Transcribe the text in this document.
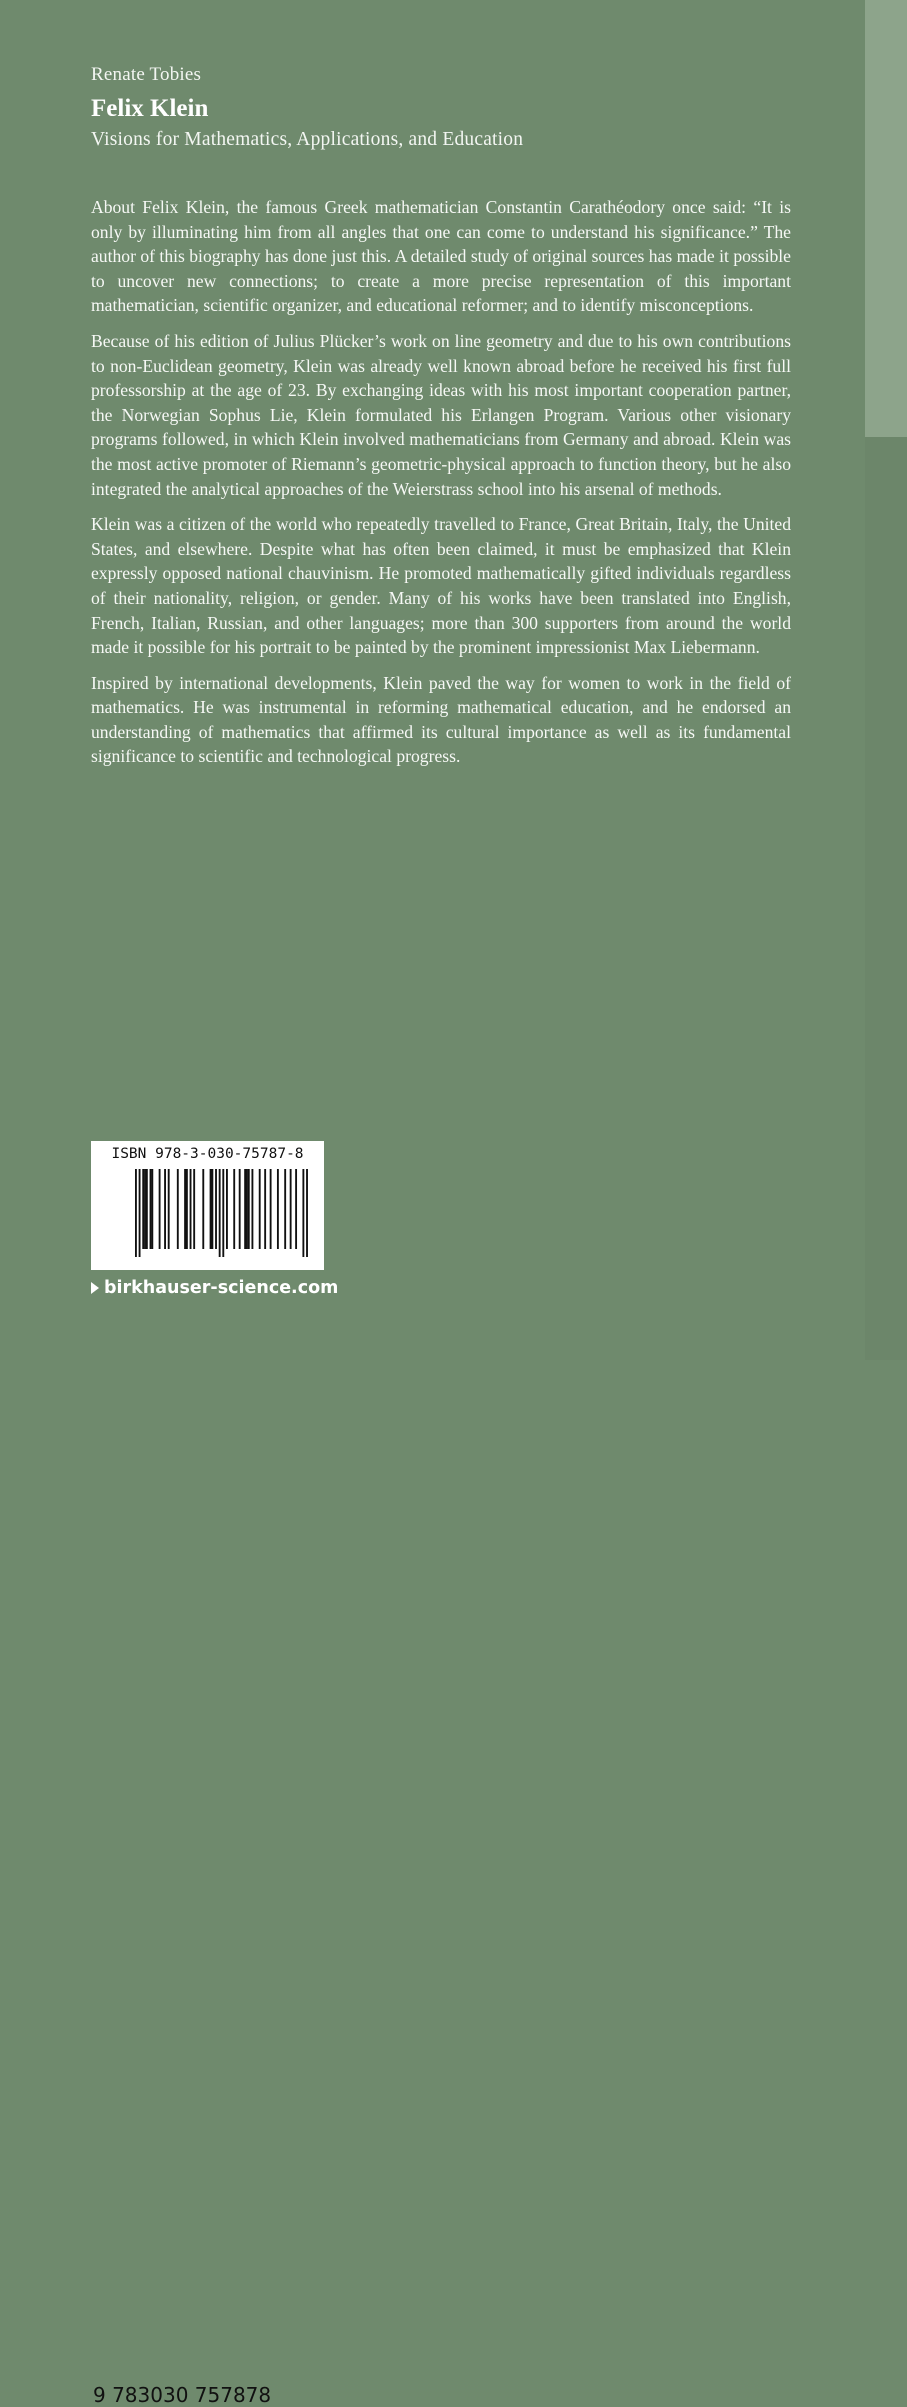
Renate Tobies
Felix Klein
Visions for Mathematics, Applications, and Education

About Felix Klein, the famous Greek mathematician Constantin Carathéodory once said: “It is only by illuminating him from all angles that one can come to understand his significance.” The author of this biography has done just this. A detailed study of original sources has made it possible to uncover new connections; to create a more precise representation of this important mathematician, scientific organizer, and educational reformer; and to identify misconceptions.

Because of his edition of Julius Plücker’s work on line geometry and due to his own contributions to non-Euclidean geometry, Klein was already well known abroad before he received his first full professorship at the age of 23. By exchanging ideas with his most important cooperation partner, the Norwegian Sophus Lie, Klein formulated his Erlangen Program. Various other visionary programs followed, in which Klein involved mathematicians from Germany and abroad. Klein was the most active promoter of Riemann’s geometric-physical approach to function theory, but he also integrated the analytical approaches of the Weierstrass school into his arsenal of methods.

Klein was a citizen of the world who repeatedly travelled to France, Great Britain, Italy, the United States, and elsewhere. Despite what has often been claimed, it must be emphasized that Klein expressly opposed national chauvinism. He promoted mathematically gifted individuals regardless of their nationality, religion, or gender. Many of his works have been translated into English, French, Italian, Russian, and other languages; more than 300 supporters from around the world made it possible for his portrait to be painted by the prominent impressionist Max Liebermann.

Inspired by international developments, Klein paved the way for women to work in the field of mathematics. He was instrumental in reforming mathematical education, and he endorsed an understanding of mathematics that affirmed its cultural importance as well as its fundamental significance to scientific and technological progress.

ISBN 978-3-030-75787-8
9 783030 757878
birkhauser-science.com
